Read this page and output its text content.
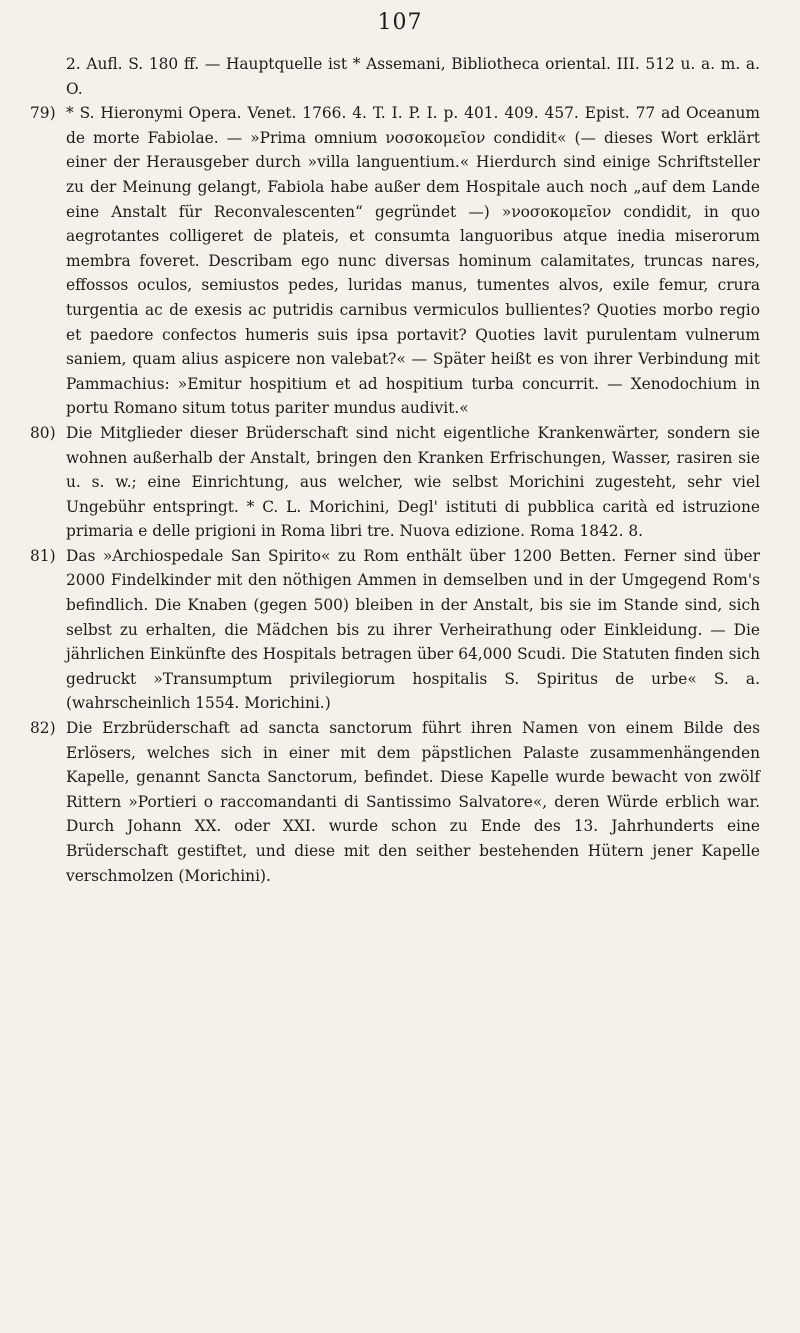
107

2. Aufl. S. 180 ff. — Hauptquelle ist * Assemani, Bibliotheca oriental. III. 512 u. a. m. a. O.

79) * S. Hieronymi Opera. Venet. 1766. 4. T. I. P. I. p. 401. 409. 457. Epist. 77 ad Oceanum de morte Fabiolae. — »Prima omnium νοσοκομεῖον condidit« (— dieses Wort erklärt einer der Herausgeber durch »villa languentium.« Hierdurch sind einige Schriftsteller zu der Meinung gelangt, Fabiola habe außer dem Hospitale auch noch „auf dem Lande eine Anstalt für Reconvalescenten“ gegründet —) »νοσοκομεῖον condidit, in quo aegrotantes colligeret de plateis, et consumta languoribus atque inedia miserorum membra foveret. Describam ego nunc diversas hominum calamitates, truncas nares, effossos oculos, semiustos pedes, luridas manus, tumentes alvos, exile femur, crura turgentia ac de exesis ac putridis carnibus vermiculos bullientes? Quoties morbo regio et paedore confectos humeris suis ipsa portavit? Quoties lavit purulentam vulnerum saniem, quam alius aspicere non valebat?« — Später heißt es von ihrer Verbindung mit Pammachius: »Emitur hospitium et ad hospitium turba concurrit. — Xenodochium in portu Romano situm totus pariter mundus audivit.«
80) Die Mitglieder dieser Brüderschaft sind nicht eigentliche Krankenwärter, sondern sie wohnen außerhalb der Anstalt, bringen den Kranken Erfrischungen, Wasser, rasiren sie u. s. w.; eine Einrichtung, aus welcher, wie selbst Morichini zugesteht, sehr viel Ungebühr entspringt. * C. L. Morichini, Degl' istituti di pubblica carità ed istruzione primaria e delle prigioni in Roma libri tre. Nuova edizione. Roma 1842. 8.
81) Das »Archiospedale San Spirito« zu Rom enthält über 1200 Betten. Ferner sind über 2000 Findelkinder mit den nöthigen Ammen in demselben und in der Umgegend Rom's befindlich. Die Knaben (gegen 500) bleiben in der Anstalt, bis sie im Stande sind, sich selbst zu erhalten, die Mädchen bis zu ihrer Verheirathung oder Einkleidung. — Die jährlichen Einkünfte des Hospitals betragen über 64,000 Scudi. Die Statuten finden sich gedruckt »Transumptum privilegiorum hospitalis S. Spiritus de urbe« S. a. (wahrscheinlich 1554. Morichini.)
82) Die Erzbrüderschaft ad sancta sanctorum führt ihren Namen von einem Bilde des Erlösers, welches sich in einer mit dem päpstlichen Palaste zusammenhängenden Kapelle, genannt Sancta Sanctorum, befindet. Diese Kapelle wurde bewacht von zwölf Rittern »Portieri o raccomandanti di Santissimo Salvatore«, deren Würde erblich war. Durch Johann XX. oder XXI. wurde schon zu Ende des 13. Jahrhunderts eine Brüderschaft gestiftet, und diese mit den seither bestehenden Hütern jener Kapelle verschmolzen (Morichini).
